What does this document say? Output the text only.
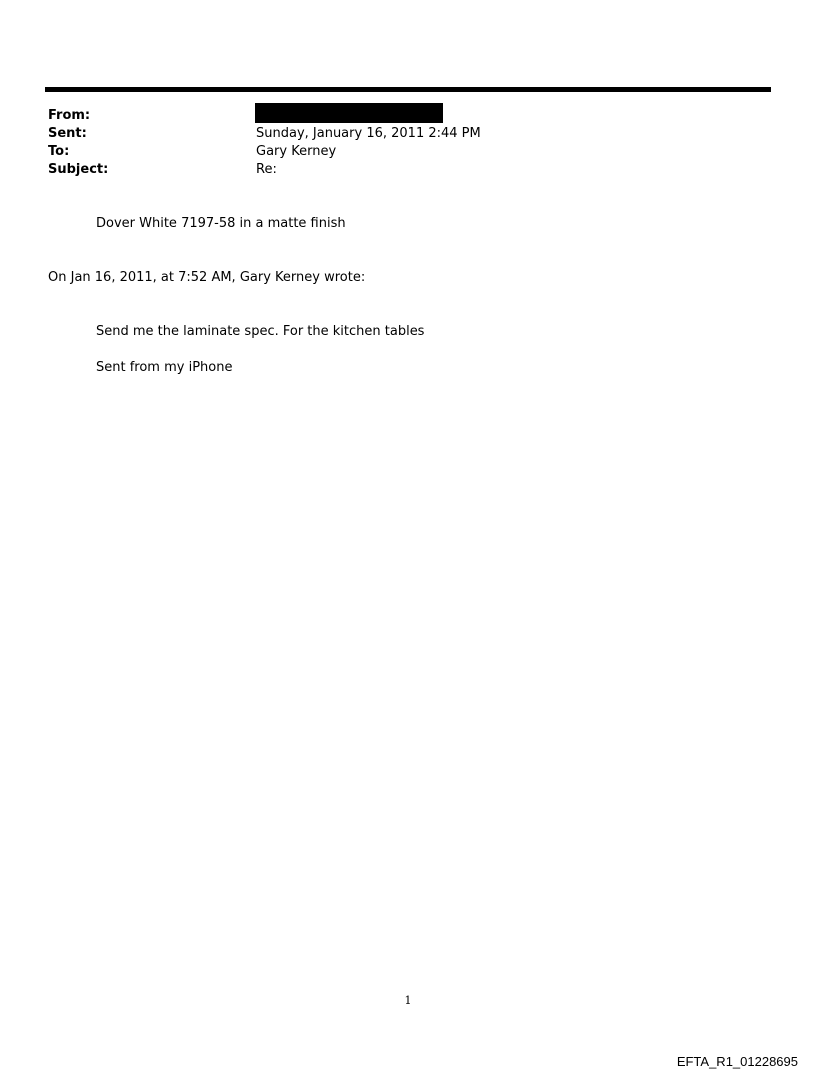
From:
Sent:	Sunday, January 16, 2011 2:44 PM
To:	Gary Kerney
Subject:	Re:
Dover White 7197-58 in a matte finish
On Jan 16, 2011, at 7:52 AM, Gary Kerney wrote:
Send me the laminate spec. For the kitchen tables
Sent from my iPhone
1
EFTA_R1_01228695
